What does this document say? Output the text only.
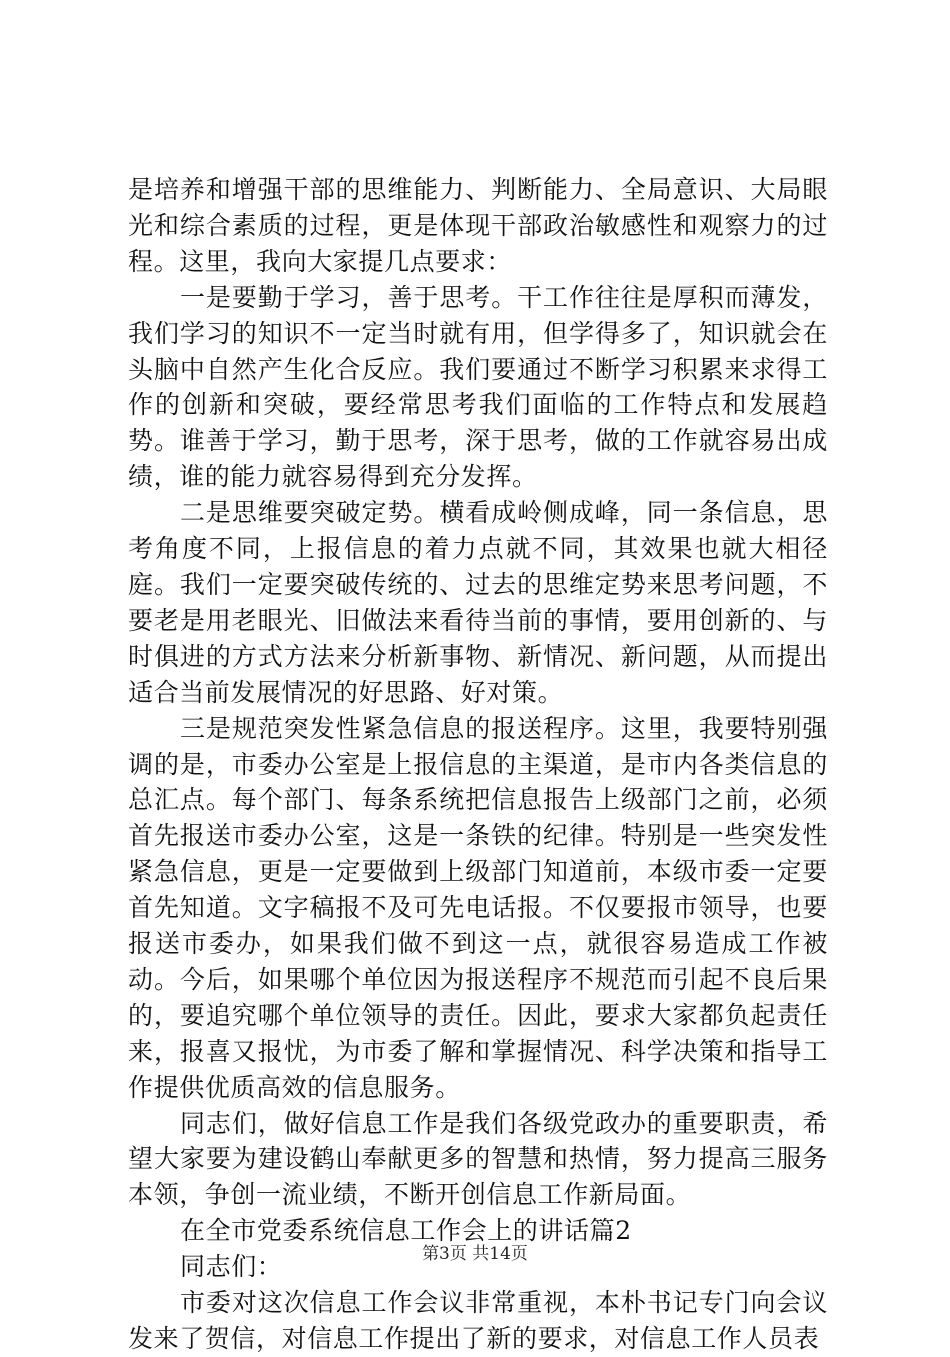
是培养和增强干部的思维能力、判断能力、全局意识、大局眼光和综合素质的过程，更是体现干部政治敏感性和观察力的过程。这里，我向大家提几点要求：

一是要勤于学习，善于思考。干工作往往是厚积而薄发，我们学习的知识不一定当时就有用，但学得多了，知识就会在头脑中自然产生化合反应。我们要通过不断学习积累来求得工作的创新和突破，要经常思考我们面临的工作特点和发展趋势。谁善于学习，勤于思考，深于思考，做的工作就容易出成绩，谁的能力就容易得到充分发挥。

二是思维要突破定势。横看成岭侧成峰，同一条信息，思考角度不同，上报信息的着力点就不同，其效果也就大相径庭。我们一定要突破传统的、过去的思维定势来思考问题，不要老是用老眼光、旧做法来看待当前的事情，要用创新的、与时俱进的方式方法来分析新事物、新情况、新问题，从而提出适合当前发展情况的好思路、好对策。

三是规范突发性紧急信息的报送程序。这里，我要特别强调的是，市委办公室是上报信息的主渠道，是市内各类信息的总汇点。每个部门、每条系统把信息报告上级部门之前，必须首先报送市委办公室，这是一条铁的纪律。特别是一些突发性紧急信息，更是一定要做到上级部门知道前，本级市委一定要首先知道。文字稿报不及可先电话报。不仅要报市领导，也要报送市委办，如果我们做不到这一点，就很容易造成工作被动。今后，如果哪个单位因为报送程序不规范而引起不良后果的，要追究哪个单位领导的责任。因此，要求大家都负起责任来，报喜又报忧，为市委了解和掌握情况、科学决策和指导工作提供优质高效的信息服务。

同志们，做好信息工作是我们各级党政办的重要职责，希望大家要为建设鹤山奉献更多的智慧和热情，努力提高三服务本领，争创一流业绩，不断开创信息工作新局面。

在全市党委系统信息工作会上的讲话篇2

同志们：

市委对这次信息工作会议非常重视，本朴书记专门向会议发来了贺信，对信息工作提出了新的要求，对信息工作人员表

第3页 共14页
